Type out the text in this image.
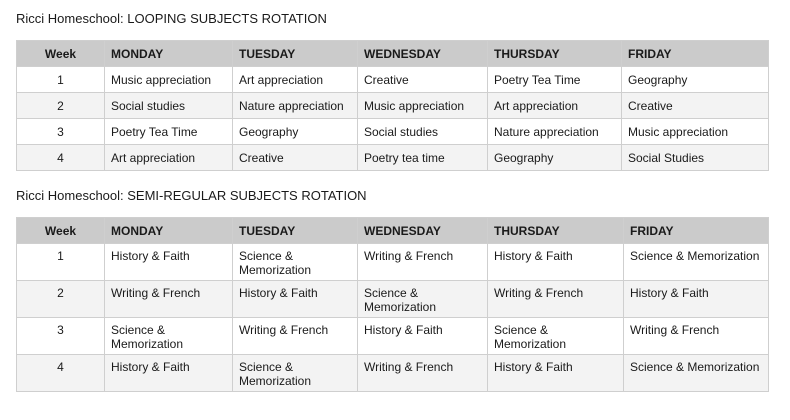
Ricci Homeschool: LOOPING SUBJECTS ROTATION
Week	MONDAY	TUESDAY	WEDNESDAY	THURSDAY	FRIDAY
1	Music appreciation	Art appreciation	Creative	Poetry Tea Time	Geography
2	Social studies	Nature appreciation	Music appreciation	Art appreciation	Creative
3	Poetry Tea Time	Geography	Social studies	Nature appreciation	Music appreciation
4	Art appreciation	Creative	Poetry tea time	Geography	Social Studies
Ricci Homeschool: SEMI-REGULAR SUBJECTS ROTATION
Week	MONDAY	TUESDAY	WEDNESDAY	THURSDAY	FRIDAY
1	History & Faith	Science & Memorization	Writing & French	History & Faith	Science & Memorization
2	Writing & French	History & Faith	Science & Memorization	Writing & French	History & Faith
3	Science & Memorization	Writing & French	History & Faith	Science & Memorization	Writing & French
4	History & Faith	Science & Memorization	Writing & French	History & Faith	Science & Memorization
